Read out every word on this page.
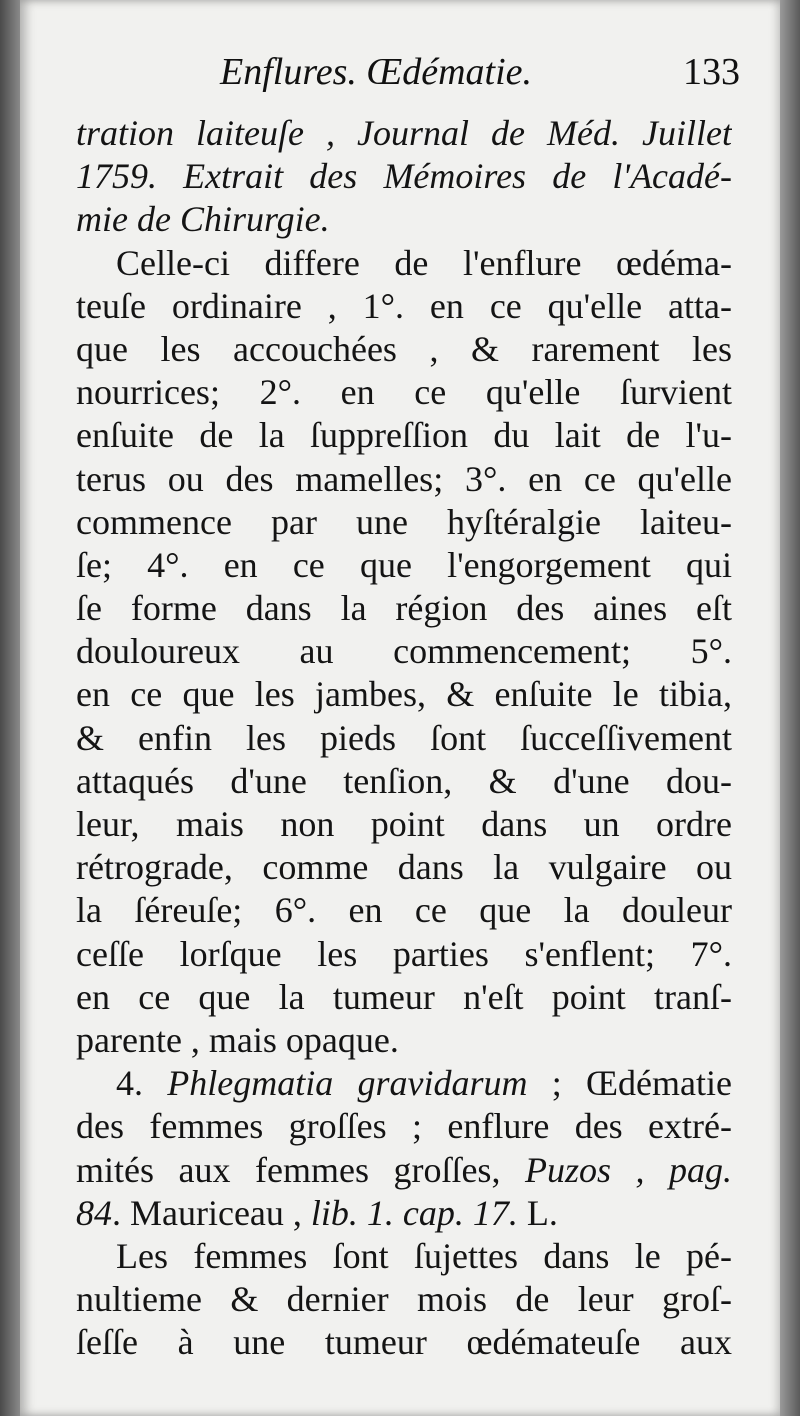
Enflures. Œdématie.	133
tration laiteuſe , Journal de Méd. Juillet
1759. Extrait des Mémoires de l'Acadé-
mie de Chirurgie.
Celle-ci differe de l'enflure œdéma-
teuſe ordinaire , 1°. en ce qu'elle atta-
que les accouchées , & rarement les
nourrices; 2°. en ce qu'elle ſurvient
enſuite de la ſuppreſſion du lait de l'u-
terus ou des mamelles; 3°. en ce qu'elle
commence par une hyſtéralgie laiteu-
ſe; 4°. en ce que l'engorgement qui
ſe forme dans la région des aines eſt
douloureux au commencement; 5°.
en ce que les jambes, & enſuite le tibia,
& enfin les pieds ſont ſucceſſivement
attaqués d'une tenſion, & d'une dou-
leur, mais non point dans un ordre
rétrograde, comme dans la vulgaire ou
la ſéreuſe; 6°. en ce que la douleur
ceſſe lorſque les parties s'enflent; 7°.
en ce que la tumeur n'eſt point tranſ-
parente , mais opaque.
4. Phlegmatia gravidarum ; Œdématie
des femmes groſſes ; enflure des extré-
mités aux femmes groſſes, Puzos , pag.
84. Mauriceau , lib. 1. cap. 17. L.
Les femmes ſont ſujettes dans le pé-
nultieme & dernier mois de leur groſ-
ſeſſe à une tumeur œdémateuſe aux
